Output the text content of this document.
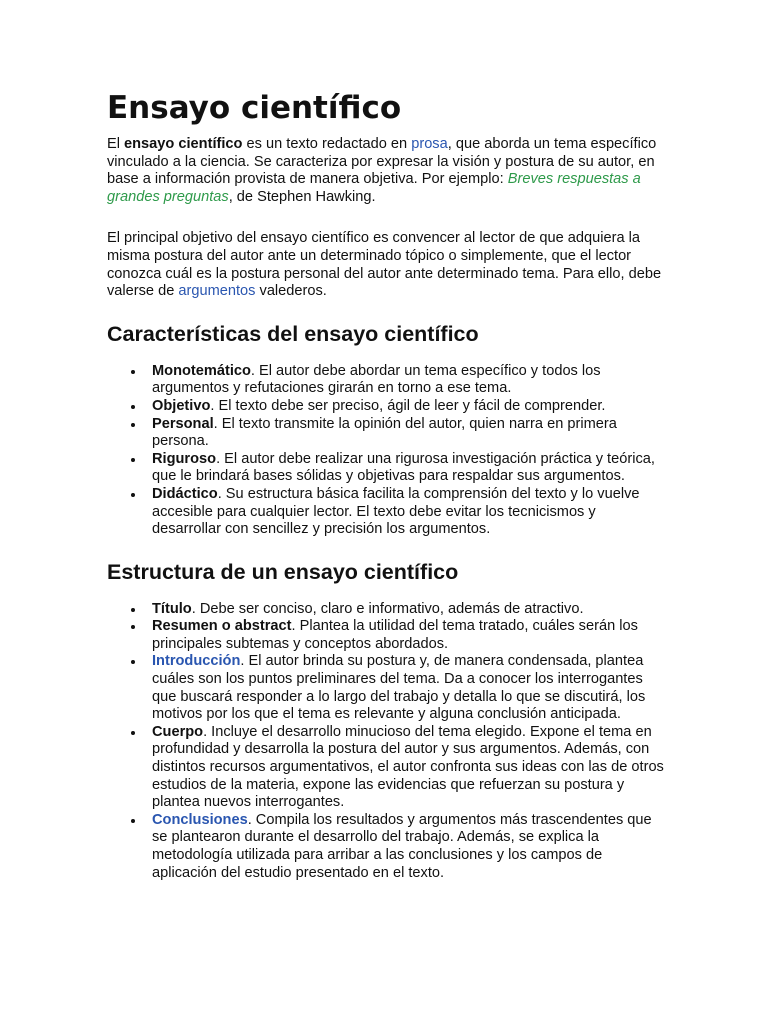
Ensayo científico

El ensayo científico es un texto redactado en prosa, que aborda un tema específico vinculado a la ciencia. Se caracteriza por expresar la visión y postura de su autor, en base a información provista de manera objetiva. Por ejemplo: Breves respuestas a grandes preguntas, de Stephen Hawking.

El principal objetivo del ensayo científico es convencer al lector de que adquiera la misma postura del autor ante un determinado tópico o simplemente, que el lector conozca cuál es la postura personal del autor ante determinado tema. Para ello, debe valerse de argumentos valederos.

Características del ensayo científico
Monotemático. El autor debe abordar un tema específico y todos los argumentos y refutaciones girarán en torno a ese tema.
Objetivo. El texto debe ser preciso, ágil de leer y fácil de comprender.
Personal. El texto transmite la opinión del autor, quien narra en primera persona.
Riguroso. El autor debe realizar una rigurosa investigación práctica y teórica, que le brindará bases sólidas y objetivas para respaldar sus argumentos.
Didáctico. Su estructura básica facilita la comprensión del texto y lo vuelve accesible para cualquier lector. El texto debe evitar los tecnicismos y desarrollar con sencillez y precisión los argumentos.
Estructura de un ensayo científico
Título. Debe ser conciso, claro e informativo, además de atractivo.
Resumen o abstract. Plantea la utilidad del tema tratado, cuáles serán los principales subtemas y conceptos abordados.
Introducción. El autor brinda su postura y, de manera condensada, plantea cuáles son los puntos preliminares del tema. Da a conocer los interrogantes que buscará responder a lo largo del trabajo y detalla lo que se discutirá, los motivos por los que el tema es relevante y alguna conclusión anticipada.
Cuerpo. Incluye el desarrollo minucioso del tema elegido. Expone el tema en profundidad y desarrolla la postura del autor y sus argumentos. Además, con distintos recursos argumentativos, el autor confronta sus ideas con las de otros estudios de la materia, expone las evidencias que refuerzan su postura y plantea nuevos interrogantes.
Conclusiones. Compila los resultados y argumentos más trascendentes que se plantearon durante el desarrollo del trabajo. Además, se explica la metodología utilizada para arribar a las conclusiones y los campos de aplicación del estudio presentado en el texto.
